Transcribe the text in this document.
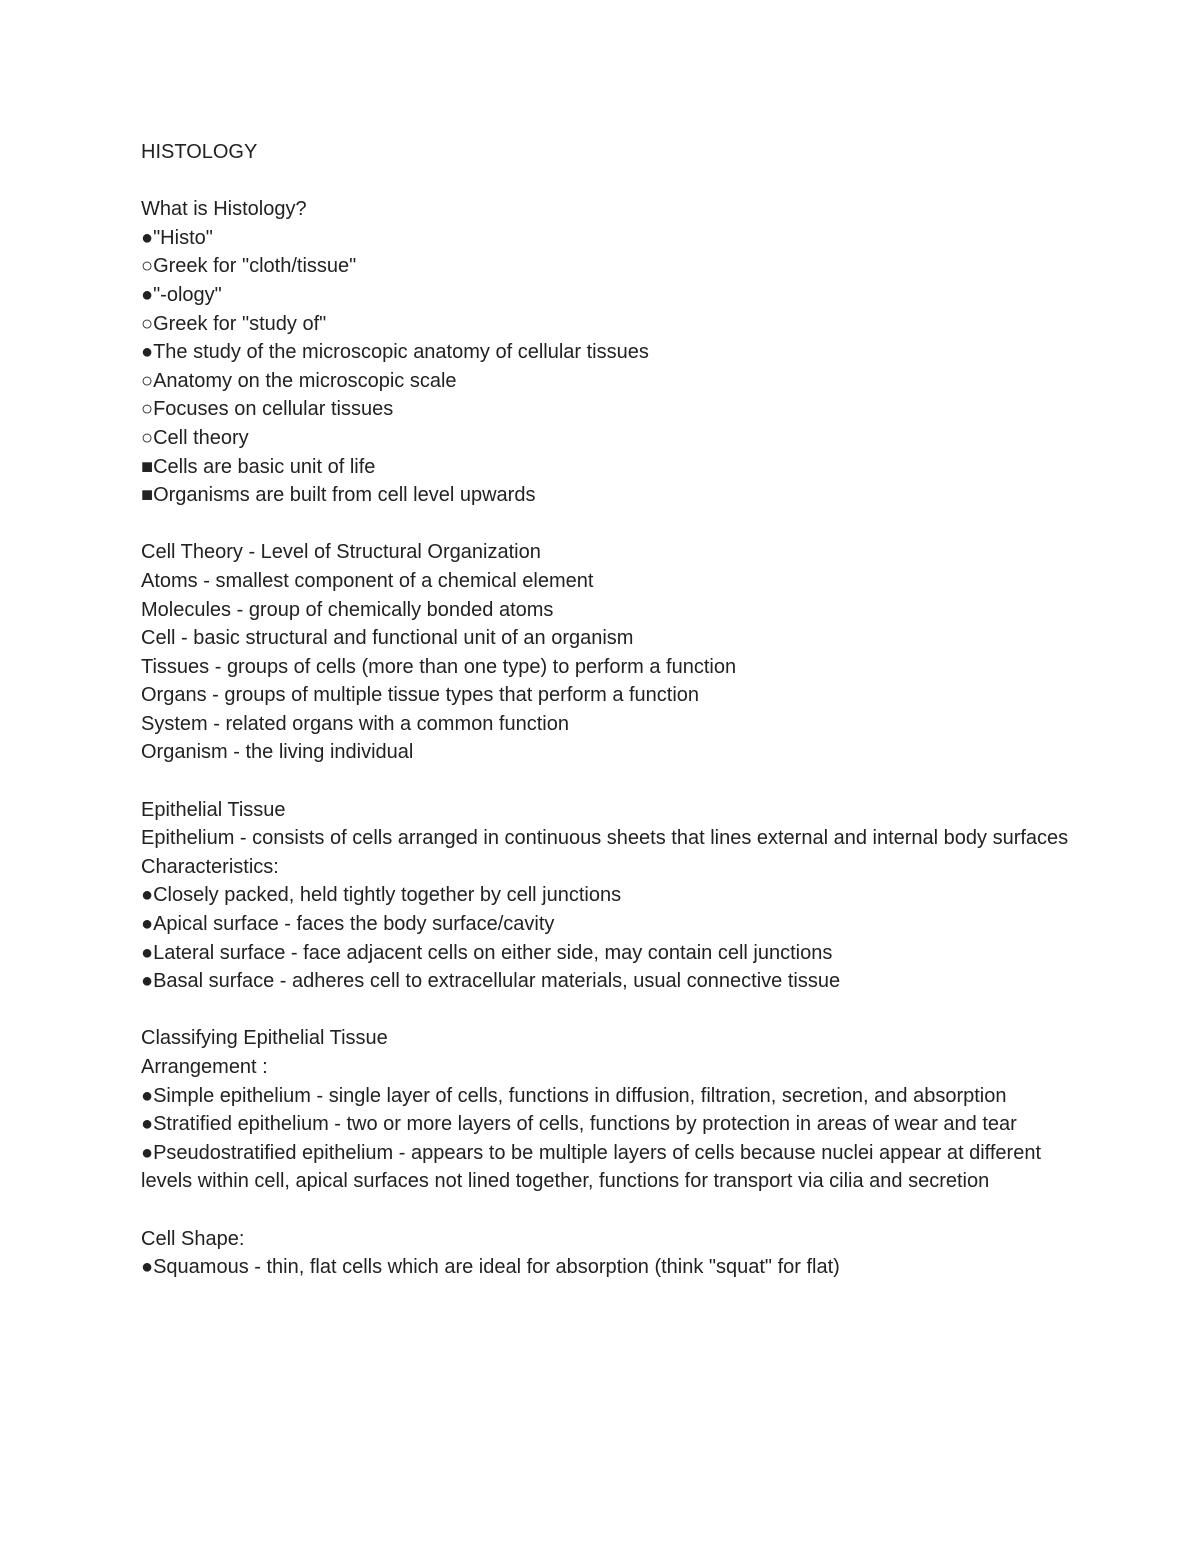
HISTOLOGY

What is Histology?

●"Histo"

○Greek for "cloth/tissue"

●"-ology"

○Greek for "study of"

●The study of the microscopic anatomy of cellular tissues

○Anatomy on the microscopic scale

○Focuses on cellular tissues

○Cell theory

■Cells are basic unit of life

■Organisms are built from cell level upwards

Cell Theory - Level of Structural Organization

Atoms - smallest component of a chemical element

Molecules - group of chemically bonded atoms

Cell - basic structural and functional unit of an organism

Tissues - groups of cells (more than one type) to perform a function

Organs - groups of multiple tissue types that perform a function

System - related organs with a common function

Organism - the living individual

Epithelial Tissue

Epithelium - consists of cells arranged in continuous sheets that lines external and internal body surfaces

Characteristics:

●Closely packed, held tightly together by cell junctions

●Apical surface - faces the body surface/cavity

●Lateral surface - face adjacent cells on either side, may contain cell junctions

●Basal surface - adheres cell to extracellular materials, usual connective tissue

Classifying Epithelial Tissue

Arrangement :

●Simple epithelium - single layer of cells, functions in diffusion, filtration, secretion, and absorption

●Stratified epithelium - two or more layers of cells, functions by protection in areas of wear and tear

●Pseudostratified epithelium - appears to be multiple layers of cells because nuclei appear at different levels within cell, apical surfaces not lined together, functions for transport via cilia and secretion

Cell Shape:

●Squamous - thin, flat cells which are ideal for absorption (think "squat" for flat)
